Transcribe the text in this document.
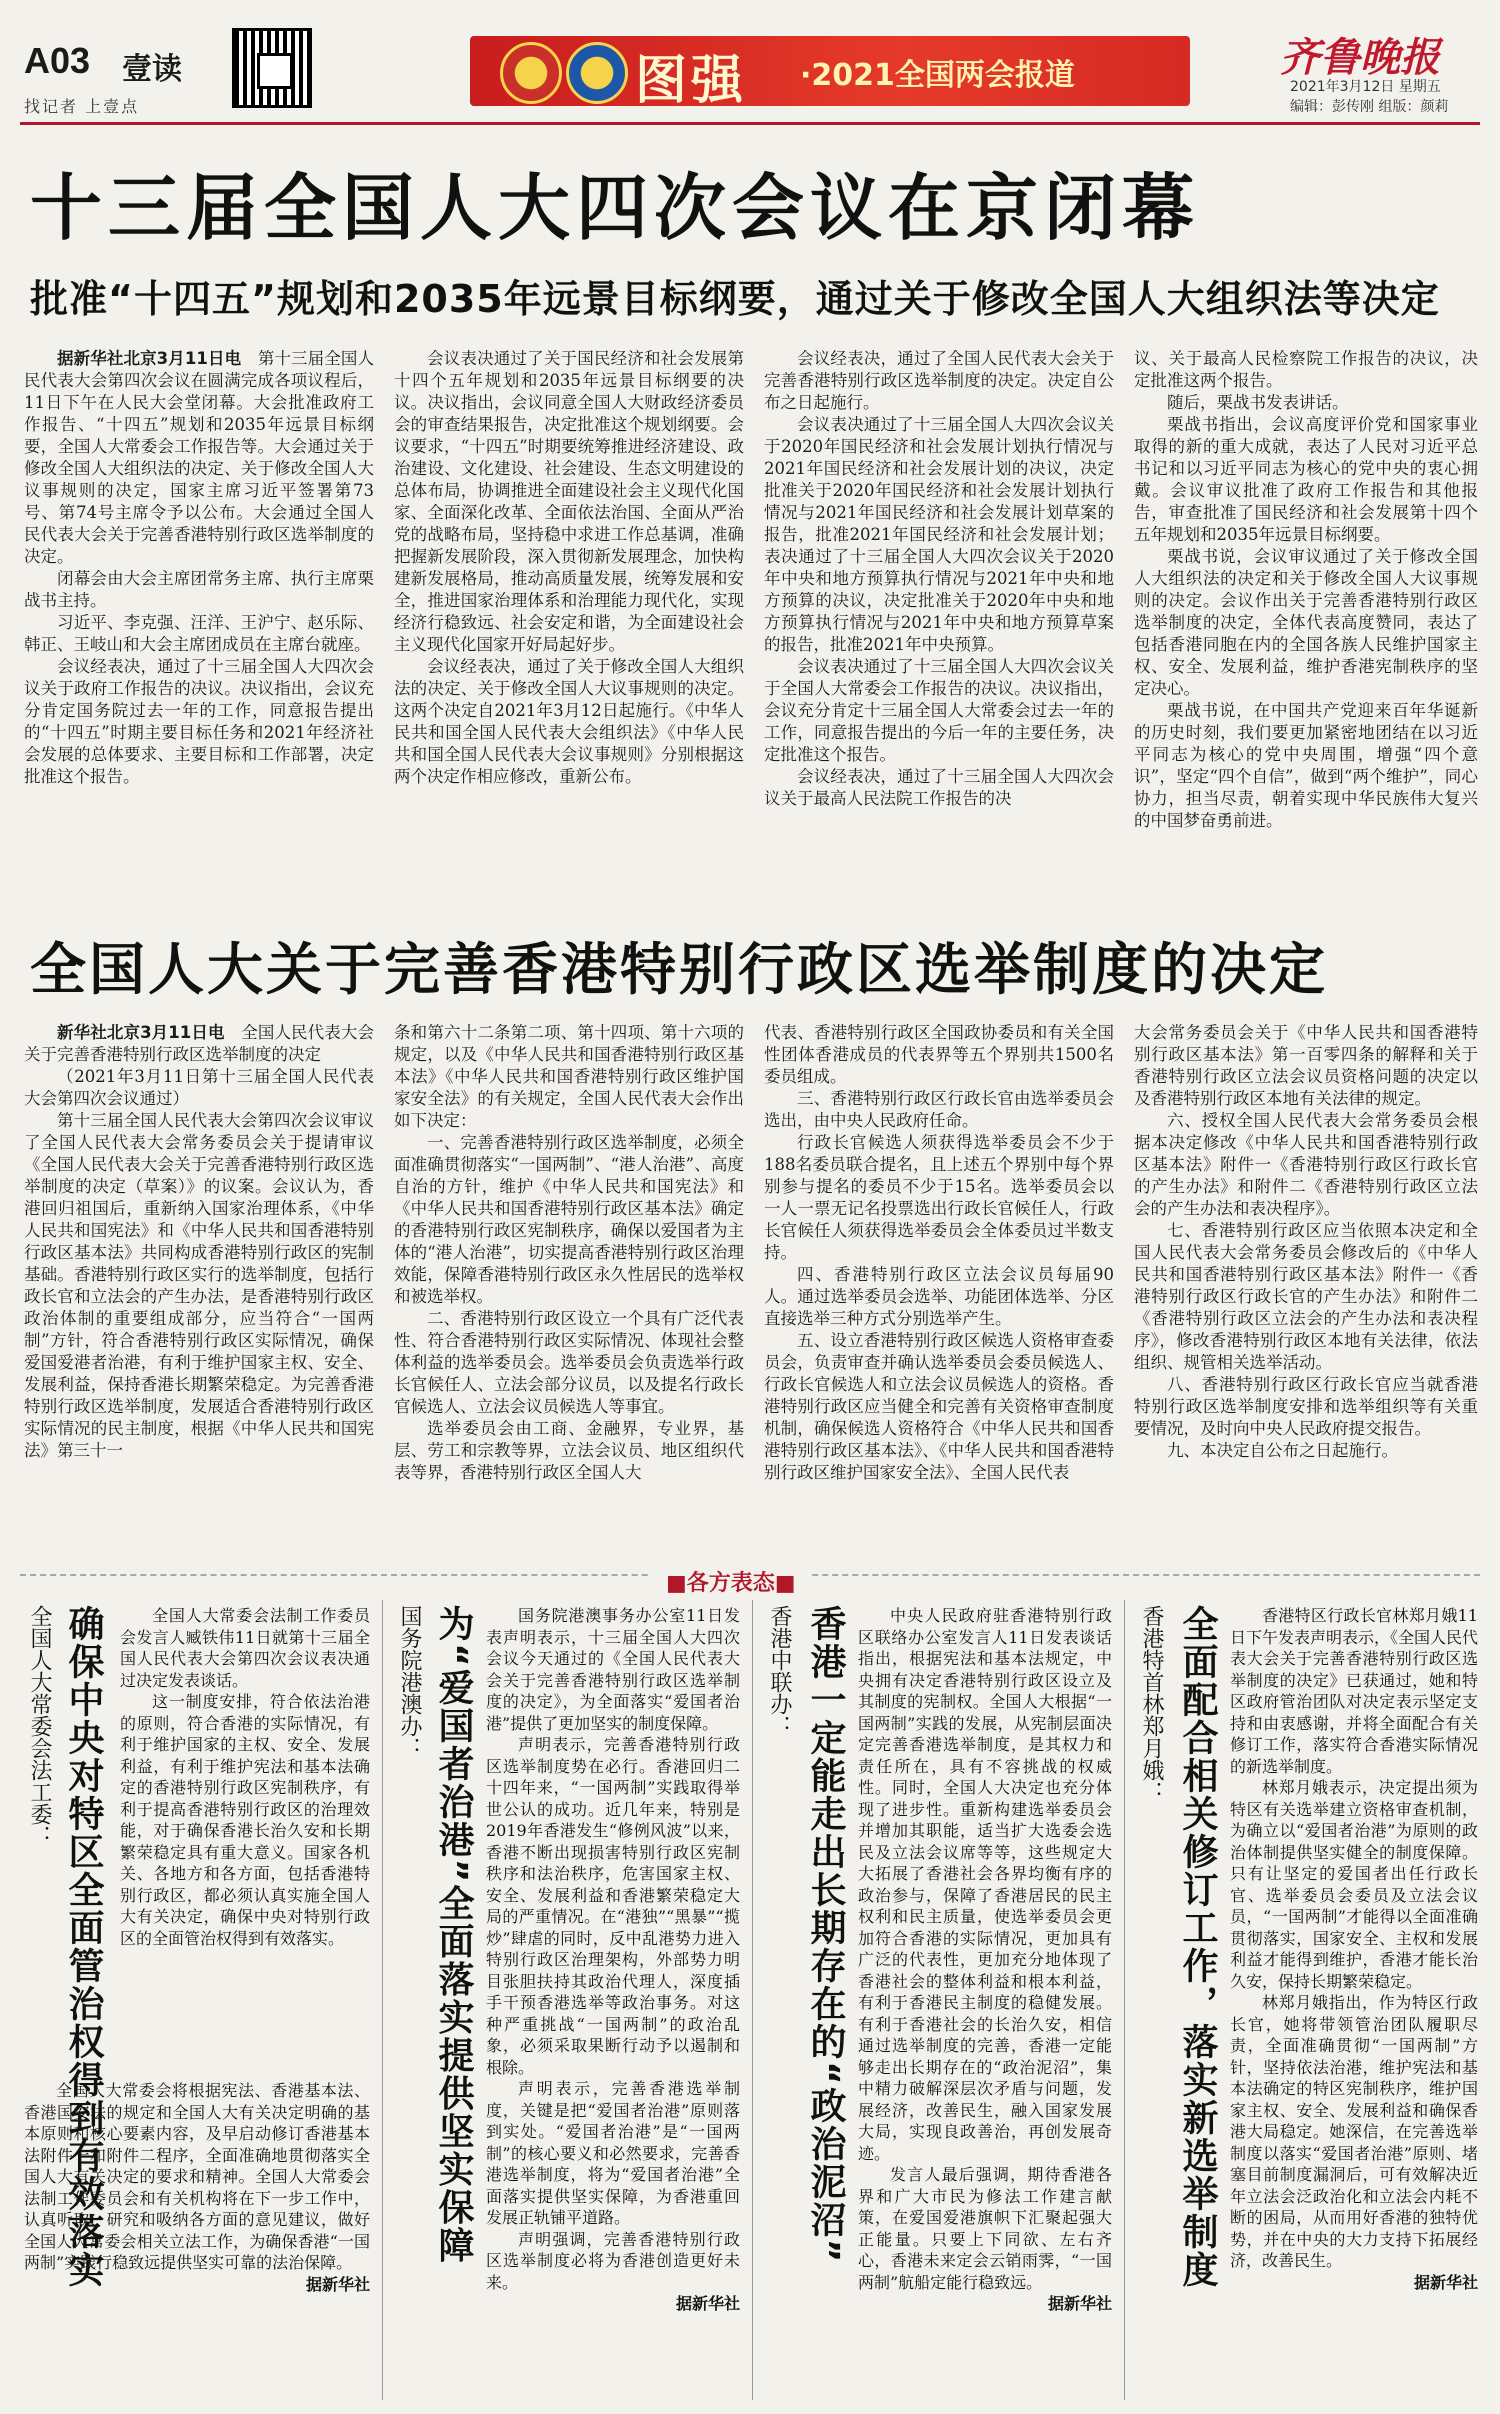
A03 壹读
找记者 上壹点	图强 ·2021全国两会报道	齐鲁晚报
2021年3月12日 星期五
编辑：彭传刚 组版：颜莉
十三届全国人大四次会议在京闭幕
批准“十四五”规划和2035年远景目标纲要，通过关于修改全国人大组织法等决定

据新华社北京3月11日电　 第十三届全国人民代表大会第四次会议在圆满完成各项议程后，11日下午在人民大会堂闭幕。大会批准政府工作报告、“十四五”规划和2035年远景目标纲要，全国人大常委会工作报告等。大会通过关于修改全国人大组织法的决定、关于修改全国人大议事规则的决定，国家主席习近平签署第73号、第74号主席令予以公布。大会通过全国人民代表大会关于完善香港特别行政区选举制度的决定。

闭幕会由大会主席团常务主席、执行主席栗战书主持。

习近平、李克强、汪洋、王沪宁、赵乐际、韩正、王岐山和大会主席团成员在主席台就座。

会议经表决，通过了十三届全国人大四次会议关于政府工作报告的决议。决议指出，会议充分肯定国务院过去一年的工作，同意报告提出的“十四五”时期主要目标任务和2021年经济社会发展的总体要求、主要目标和工作部署，决定批准这个报告。

会议表决通过了关于国民经济和社会发展第十四个五年规划和2035年远景目标纲要的决议。决议指出，会议同意全国人大财政经济委员会的审查结果报告，决定批准这个规划纲要。会议要求，“十四五”时期要统筹推进经济建设、政治建设、文化建设、社会建设、生态文明建设的总体布局，协调推进全面建设社会主义现代化国家、全面深化改革、全面依法治国、全面从严治党的战略布局，坚持稳中求进工作总基调，准确把握新发展阶段，深入贯彻新发展理念，加快构建新发展格局，推动高质量发展，统筹发展和安全，推进国家治理体系和治理能力现代化，实现经济行稳致远、社会安定和谐，为全面建设社会主义现代化国家开好局起好步。

会议经表决，通过了关于修改全国人大组织法的决定、关于修改全国人大议事规则的决定。这两个决定自2021年3月12日起施行。《中华人民共和国全国人民代表大会组织法》《中华人民共和国全国人民代表大会议事规则》分别根据这两个决定作相应修改，重新公布。

会议经表决，通过了全国人民代表大会关于完善香港特别行政区选举制度的决定。决定自公布之日起施行。

会议表决通过了十三届全国人大四次会议关于2020年国民经济和社会发展计划执行情况与2021年国民经济和社会发展计划的决议，决定批准关于2020年国民经济和社会发展计划执行情况与2021年国民经济和社会发展计划草案的报告，批准2021年国民经济和社会发展计划；表决通过了十三届全国人大四次会议关于2020年中央和地方预算执行情况与2021年中央和地方预算的决议，决定批准关于2020年中央和地方预算执行情况与2021年中央和地方预算草案的报告，批准2021年中央预算。

会议表决通过了十三届全国人大四次会议关于全国人大常委会工作报告的决议。决议指出，会议充分肯定十三届全国人大常委会过去一年的工作，同意报告提出的今后一年的主要任务，决定批准这个报告。

会议经表决，通过了十三届全国人大四次会议关于最高人民法院工作报告的决

议、关于最高人民检察院工作报告的决议，决定批准这两个报告。

随后，栗战书发表讲话。

栗战书指出，会议高度评价党和国家事业取得的新的重大成就，表达了人民对习近平总书记和以习近平同志为核心的党中央的衷心拥戴。会议审议批准了政府工作报告和其他报告，审查批准了国民经济和社会发展第十四个五年规划和2035年远景目标纲要。

栗战书说，会议审议通过了关于修改全国人大组织法的决定和关于修改全国人大议事规则的决定。会议作出关于完善香港特别行政区选举制度的决定，全体代表高度赞同，表达了包括香港同胞在内的全国各族人民维护国家主权、安全、发展利益，维护香港宪制秩序的坚定决心。

栗战书说，在中国共产党迎来百年华诞新的历史时刻，我们要更加紧密地团结在以习近平同志为核心的党中央周围，增强“四个意识”，坚定“四个自信”，做到“两个维护”，同心协力，担当尽责，朝着实现中华民族伟大复兴的中国梦奋勇前进。

全国人大关于完善香港特别行政区选举制度的决定

新华社北京3月11日电　 全国人民代表大会关于完善香港特别行政区选举制度的决定

（2021年3月11日第十三届全国人民代表大会第四次会议通过）

第十三届全国人民代表大会第四次会议审议了全国人民代表大会常务委员会关于提请审议《全国人民代表大会关于完善香港特别行政区选举制度的决定（草案）》的议案。会议认为，香港回归祖国后，重新纳入国家治理体系，《中华人民共和国宪法》和《中华人民共和国香港特别行政区基本法》共同构成香港特别行政区的宪制基础。香港特别行政区实行的选举制度，包括行政长官和立法会的产生办法，是香港特别行政区政治体制的重要组成部分，应当符合“一国两制”方针，符合香港特别行政区实际情况，确保爱国爱港者治港，有利于维护国家主权、安全、发展利益，保持香港长期繁荣稳定。为完善香港特别行政区选举制度，发展适合香港特别行政区实际情况的民主制度，根据《中华人民共和国宪法》第三十一

条和第六十二条第二项、第十四项、第十六项的规定，以及《中华人民共和国香港特别行政区基本法》《中华人民共和国香港特别行政区维护国家安全法》的有关规定，全国人民代表大会作出如下决定：

一、完善香港特别行政区选举制度，必须全面准确贯彻落实“一国两制”、“港人治港”、高度自治的方针，维护《中华人民共和国宪法》和《中华人民共和国香港特别行政区基本法》确定的香港特别行政区宪制秩序，确保以爱国者为主体的“港人治港”，切实提高香港特别行政区治理效能，保障香港特别行政区永久性居民的选举权和被选举权。

二、香港特别行政区设立一个具有广泛代表性、符合香港特别行政区实际情况、体现社会整体利益的选举委员会。选举委员会负责选举行政长官候任人、立法会部分议员，以及提名行政长官候选人、立法会议员候选人等事宜。

选举委员会由工商、金融界，专业界，基层、劳工和宗教等界，立法会议员、地区组织代表等界，香港特别行政区全国人大

代表、香港特别行政区全国政协委员和有关全国性团体香港成员的代表界等五个界别共1500名委员组成。

三、香港特别行政区行政长官由选举委员会选出，由中央人民政府任命。

行政长官候选人须获得选举委员会不少于188名委员联合提名，且上述五个界别中每个界别参与提名的委员不少于15名。选举委员会以一人一票无记名投票选出行政长官候任人，行政长官候任人须获得选举委员会全体委员过半数支持。

四、香港特别行政区立法会议员每届90人。通过选举委员会选举、功能团体选举、分区直接选举三种方式分别选举产生。

五、设立香港特别行政区候选人资格审查委员会，负责审查并确认选举委员会委员候选人、行政长官候选人和立法会议员候选人的资格。香港特别行政区应当健全和完善有关资格审查制度机制，确保候选人资格符合《中华人民共和国香港特别行政区基本法》、《中华人民共和国香港特别行政区维护国家安全法》、全国人民代表

大会常务委员会关于《中华人民共和国香港特别行政区基本法》第一百零四条的解释和关于香港特别行政区立法会议员资格问题的决定以及香港特别行政区本地有关法律的规定。

六、授权全国人民代表大会常务委员会根据本决定修改《中华人民共和国香港特别行政区基本法》附件一《香港特别行政区行政长官的产生办法》和附件二《香港特别行政区立法会的产生办法和表决程序》。

七、香港特别行政区应当依照本决定和全国人民代表大会常务委员会修改后的《中华人民共和国香港特别行政区基本法》附件一《香港特别行政区行政长官的产生办法》和附件二《香港特别行政区立法会的产生办法和表决程序》，修改香港特别行政区本地有关法律，依法组织、规管相关选举活动。

八、香港特别行政区行政长官应当就香港特别行政区选举制度安排和选举组织等有关重要情况，及时向中央人民政府提交报告。

九、本决定自公布之日起施行。

■各方表态■
全国人大常委会法工委： 确保中央对特区全面管治权得到有效落实	全国人大常委会法制工作委员会发言人臧铁伟11日就第十三届全国人民代表大会第四次会议表决通过决定发表谈话。

这一制度安排，符合依法治港的原则，符合香港的实际情况，有利于维护国家的主权、安全、发展利益，有利于维护宪法和基本法确定的香港特别行政区宪制秩序，有利于提高香港特别行政区的治理效能，对于确保香港长治久安和长期繁荣稳定具有重大意义。国家各机关、各地方和各方面，包括香港特别行政区，都必须认真实施全国人大有关决定，确保中央对特别行政区的全面管治权得到有效落实。

全国人大常委会将根据宪法、香港基本法、香港国安法的规定和全国人大有关决定明确的基本原则和核心要素内容，及早启动修订香港基本法附件一和附件二程序，全面准确地贯彻落实全国人大有关决定的要求和精神。全国人大常委会法制工作委员会和有关机构将在下一步工作中，认真听取、研究和吸纳各方面的意见建议，做好全国人大常委会相关立法工作，为确保香港“一国两制”实践行稳致远提供坚实可靠的法治保障。

据新华社

国务院港澳办： 为“爱国者治港”全面落实提供坚实保障	国务院港澳事务办公室11日发表声明表示，十三届全国人大四次会议今天通过的《全国人民代表大会关于完善香港特别行政区选举制度的决定》，为全面落实“爱国者治港”提供了更加坚实的制度保障。

声明表示，完善香港特别行政区选举制度势在必行。香港回归二十四年来，“一国两制”实践取得举世公认的成功。近几年来，特别是2019年香港发生“修例风波”以来，香港不断出现损害特别行政区宪制秩序和法治秩序，危害国家主权、安全、发展利益和香港繁荣稳定大局的严重情况。在“港独”“黑暴”“揽炒”肆虐的同时，反中乱港势力进入特别行政区治理架构，外部势力明目张胆扶持其政治代理人，深度插手干预香港选举等政治事务。对这种严重挑战“一国两制”的政治乱象，必须采取果断行动予以遏制和根除。

声明表示，完善香港选举制度，关键是把“爱国者治港”原则落到实处。“爱国者治港”是“一国两制”的核心要义和必然要求，完善香港选举制度，将为“爱国者治港”全面落实提供坚实保障，为香港重回发展正轨铺平道路。

声明强调，完善香港特别行政区选举制度必将为香港创造更好未来。

据新华社

香港中联办： 香港一定能走出长期存在的“政治泥沼”	中央人民政府驻香港特别行政区联络办公室发言人11日发表谈话指出，根据宪法和基本法规定，中央拥有决定香港特别行政区设立及其制度的宪制权。全国人大根据“一国两制”实践的发展，从宪制层面决定完善香港选举制度，是其权力和责任所在，具有不容挑战的权威性。同时，全国人大决定也充分体现了进步性。重新构建选举委员会并增加其职能，适当扩大选委会选民及立法会议席等等，这些规定大大拓展了香港社会各界均衡有序的政治参与，保障了香港居民的民主权利和民主质量，使选举委员会更加符合香港的实际情况，更加具有广泛的代表性，更加充分地体现了香港社会的整体利益和根本利益，有利于香港民主制度的稳健发展。有利于香港社会的长治久安，相信通过选举制度的完善，香港一定能够走出长期存在的“政治泥沼”，集中精力破解深层次矛盾与问题，发展经济，改善民生，融入国家发展大局，实现良政善治，再创发展奇迹。

发言人最后强调，期待香港各界和广大市民为修法工作建言献策，在爱国爱港旗帜下汇聚起强大正能量。只要上下同欲、左右齐心，香港未来定会云销雨霁，“一国两制”航船定能行稳致远。

据新华社

香港特首林郑月娥： 全面配合相关修订工作，落实新选举制度	香港特区行政长官林郑月娥11日下午发表声明表示，《全国人民代表大会关于完善香港特别行政区选举制度的决定》已获通过，她和特区政府管治团队对决定表示坚定支持和由衷感谢，并将全面配合有关修订工作，落实符合香港实际情况的新选举制度。

林郑月娥表示，决定提出须为特区有关选举建立资格审查机制，为确立以“爱国者治港”为原则的政治体制提供坚实健全的制度保障。只有让坚定的爱国者出任行政长官、选举委员会委员及立法会议员，“一国两制”才能得以全面准确贯彻落实，国家安全、主权和发展利益才能得到维护，香港才能长治久安，保持长期繁荣稳定。

林郑月娥指出，作为特区行政长官，她将带领管治团队履职尽责，全面准确贯彻“一国两制”方针，坚持依法治港，维护宪法和基本法确定的特区宪制秩序，维护国家主权、安全、发展利益和确保香港大局稳定。她深信，在完善选举制度以落实“爱国者治港”原则、堵塞目前制度漏洞后，可有效解决近年立法会泛政治化和立法会内耗不断的困局，从而用好香港的独特优势，并在中央的大力支持下拓展经济，改善民生。

据新华社
